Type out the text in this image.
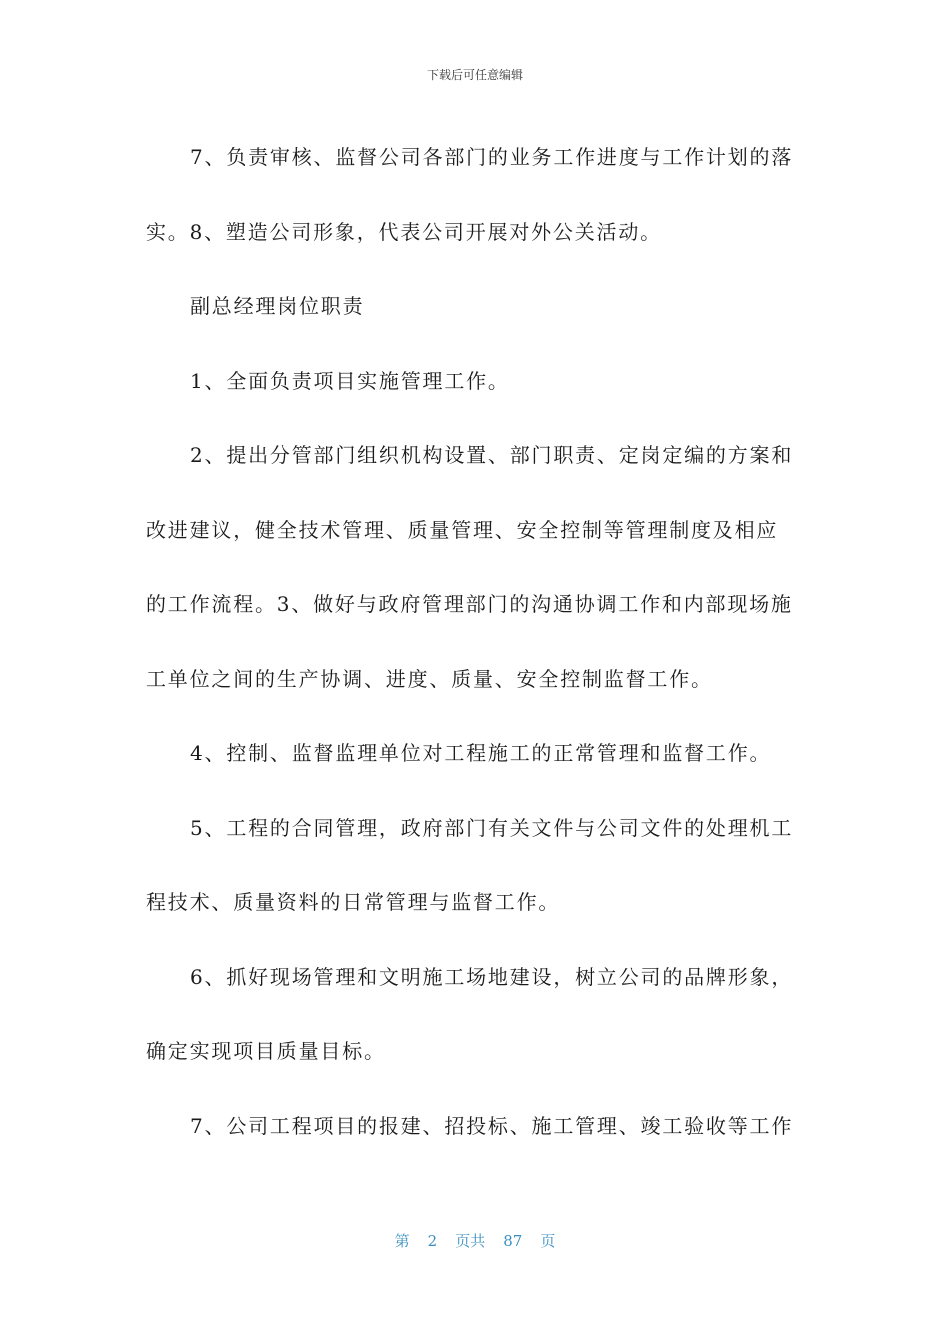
下载后可任意编辑
7、负责审核、监督公司各部门的业务工作进度与工作计划的落
实。8、塑造公司形象，代表公司开展对外公关活动。
副总经理岗位职责
1、全面负责项目实施管理工作。
2、提出分管部门组织机构设置、部门职责、定岗定编的方案和
改进建议，健全技术管理、质量管理、安全控制等管理制度及相应
的工作流程。3、做好与政府管理部门的沟通协调工作和内部现场施
工单位之间的生产协调、进度、质量、安全控制监督工作。
4、控制、监督监理单位对工程施工的正常管理和监督工作。
5、工程的合同管理，政府部门有关文件与公司文件的处理机工
程技术、质量资料的日常管理与监督工作。
6、抓好现场管理和文明施工场地建设，树立公司的品牌形象，
确定实现项目质量目标。
7、公司工程项目的报建、招投标、施工管理、竣工验收等工作
第 2 页共 87 页
